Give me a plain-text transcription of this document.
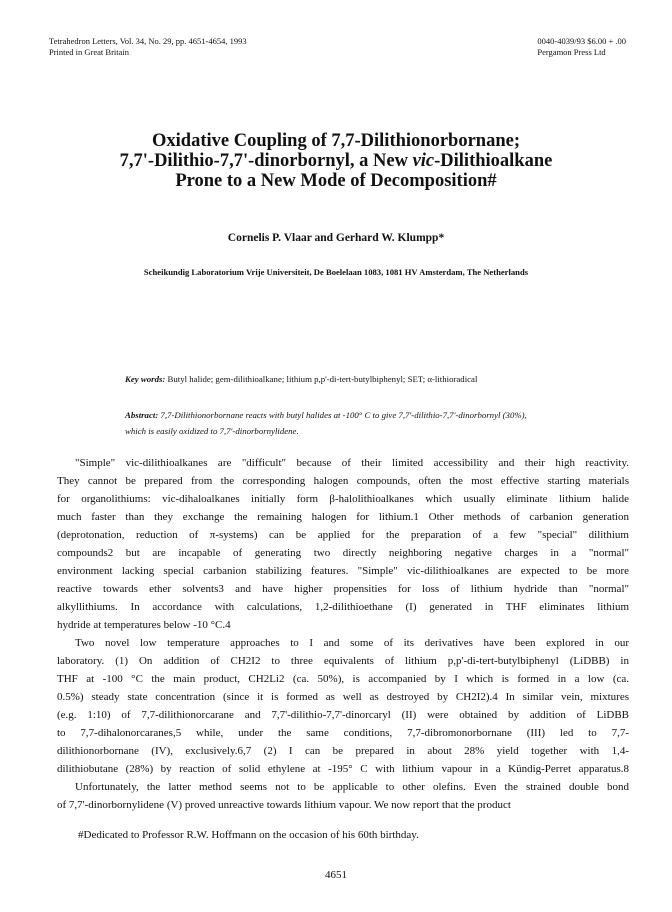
Tetrahedron Letters, Vol. 34, No. 29, pp. 4651-4654, 1993
Printed in Great Britain
0040-4039/93 $6.00 + .00
Pergamon Press Ltd
Oxidative Coupling of 7,7-Dilithionorbornane;
7,7'-Dilithio-7,7'-dinorbornyl, a New vic-Dilithioalkane
Prone to a New Mode of Decomposition#
Cornelis P. Vlaar and Gerhard W. Klumpp*
Scheikundig Laboratorium Vrije Universiteit, De Boelelaan 1083, 1081 HV Amsterdam, The Netherlands
Key words: Butyl halide; gem-dilithioalkane; lithium p,p'-di-tert-butylbiphenyl; SET; α-lithioradical
Abstract: 7,7-Dilithionorbornane reacts with butyl halides at -100° C to give 7,7'-dilithio-7,7'-dinorbornyl (30%),
which is easily oxidized to 7,7'-dinorbornylidene.
"Simple" vic-dilithioalkanes are "difficult" because of their limited accessibility and their high reactivity.
They cannot be prepared from the corresponding halogen compounds, often the most effective starting materials
for organolithiums: vic-dihaloalkanes initially form β-halolithioalkanes which usually eliminate lithium halide
much faster than they exchange the remaining halogen for lithium.1 Other methods of carbanion generation
(deprotonation, reduction of π-systems) can be applied for the preparation of a few "special" dilithium
compounds2 but are incapable of generating two directly neighboring negative charges in a "normal"
environment lacking special carbanion stabilizing features. "Simple" vic-dilithioalkanes are expected to be more
reactive towards ether solvents3 and have higher propensities for loss of lithium hydride than "normal"
alkyllithiums. In accordance with calculations, 1,2-dilithioethane (I) generated in THF eliminates lithium
hydride at temperatures below -10 °C.4
Two novel low temperature approaches to I and some of its derivatives have been explored in our
laboratory. (1) On addition of CH2I2 to three equivalents of lithium p,p'-di-tert-butylbiphenyl (LiDBB) in
THF at -100 °C the main product, CH2Li2 (ca. 50%), is accompanied by I which is formed in a low (ca.
0.5%) steady state concentration (since it is formed as well as destroyed by CH2I2).4 In similar vein, mixtures
(e.g. 1:10) of 7,7-dilithionorcarane and 7,7'-dilithio-7,7'-dinorcaryl (II) were obtained by addition of LiDBB
to 7,7-dihalonorcaranes,5 while, under the same conditions, 7,7-dibromonorbornane (III) led to 7,7-
dilithionorbornane (IV), exclusively.6,7 (2) I can be prepared in about 28% yield together with 1,4-
dilithiobutane (28%) by reaction of solid ethylene at -195° C with lithium vapour in a Kündig-Perret apparatus.8
Unfortunately, the latter method seems not to be applicable to other olefins. Even the strained double bond
of 7,7'-dinorbornylidene (V) proved unreactive towards lithium vapour. We now report that the product
#Dedicated to Professor R.W. Hoffmann on the occasion of his 60th birthday.
4651
